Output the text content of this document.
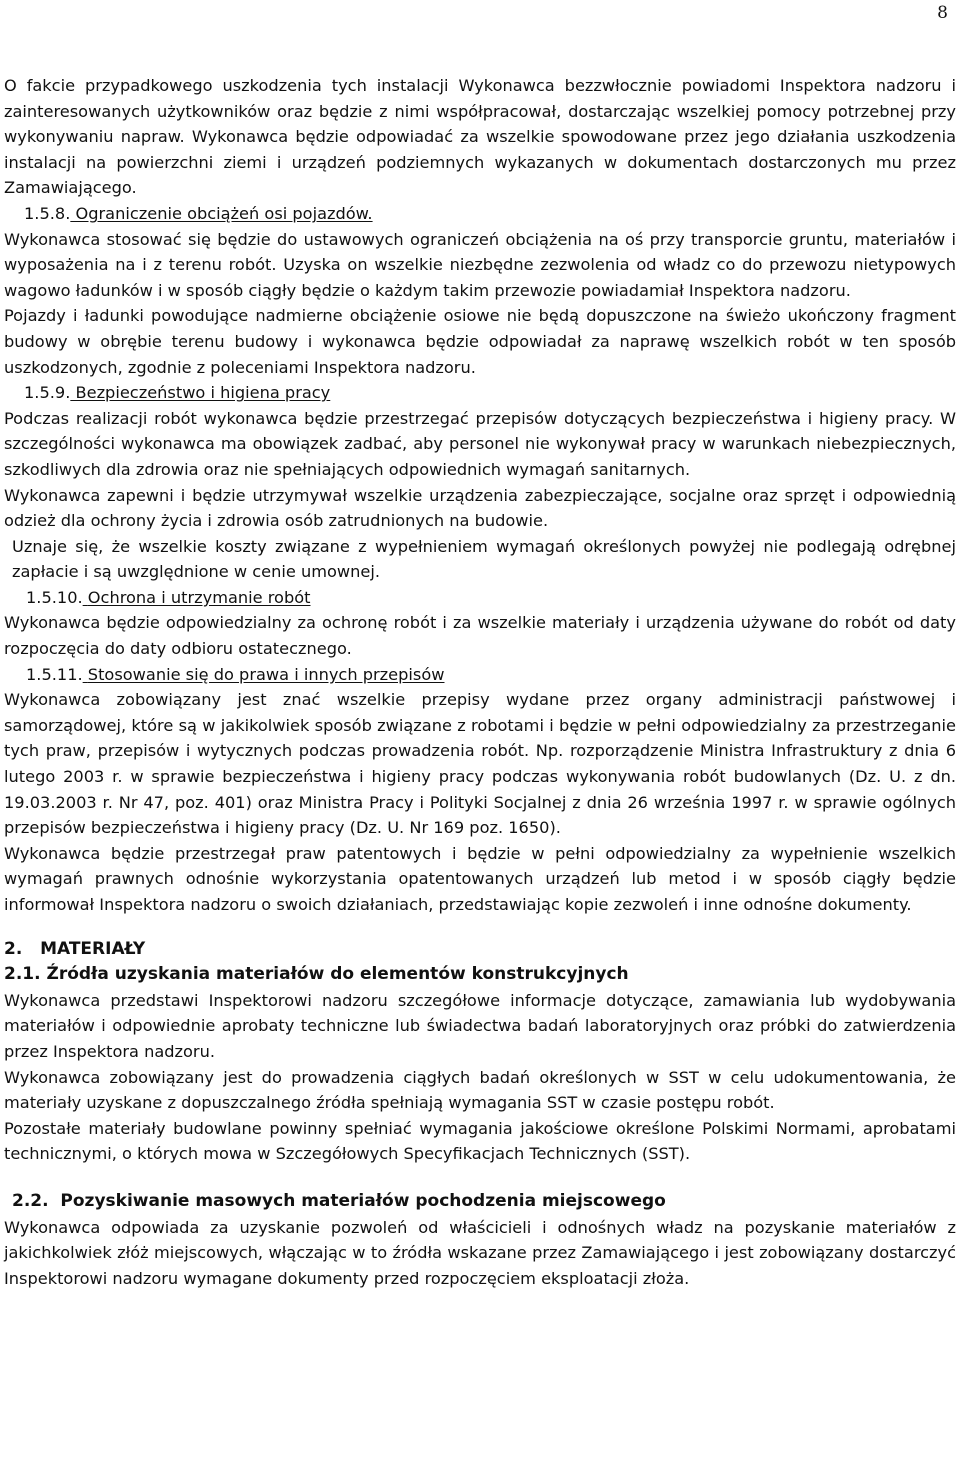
8

O fakcie przypadkowego uszkodzenia tych instalacji Wykonawca bezzwłocznie powiadomi Inspektora nadzoru i zainteresowanych użytkowników oraz będzie z nimi współpracował, dostarczając wszelkiej pomocy potrzebnej przy wykonywaniu napraw. Wykonawca będzie odpowiadać za wszelkie spowodowane przez jego działania uszkodzenia instalacji na powierzchni ziemi i urządzeń podziemnych wykazanych w dokumentach dostarczonych mu przez Zamawiającego.

1.5.8. Ograniczenie obciążeń osi pojazdów.

Wykonawca stosować się będzie do ustawowych ograniczeń obciążenia na oś przy transporcie gruntu, materiałów i wyposażenia na i z terenu robót. Uzyska on wszelkie niezbędne zezwolenia od władz co do przewozu nietypowych wagowo ładunków i w sposób ciągły będzie o każdym takim przewozie powiadamiał Inspektora nadzoru.

Pojazdy i ładunki powodujące nadmierne obciążenie osiowe nie będą dopuszczone na świeżo ukończony fragment budowy w obrębie terenu budowy i wykonawca będzie odpowiadał za naprawę wszelkich robót w ten sposób uszkodzonych, zgodnie z poleceniami Inspektora nadzoru.

1.5.9. Bezpieczeństwo i higiena pracy

Podczas realizacji robót wykonawca będzie przestrzegać przepisów dotyczących bezpieczeństwa i higieny pracy. W szczególności wykonawca ma obowiązek zadbać, aby personel nie wykonywał pracy w warunkach niebezpiecznych, szkodliwych dla zdrowia oraz nie spełniających odpowiednich wymagań sanitarnych.

Wykonawca zapewni i będzie utrzymywał wszelkie urządzenia zabezpieczające, socjalne oraz sprzęt i odpowiednią odzież dla ochrony życia i zdrowia osób zatrudnionych na budowie.

Uznaje się, że wszelkie koszty związane z wypełnieniem wymagań określonych powyżej nie podlegają odrębnej zapłacie i są uwzględnione w cenie umownej.

1.5.10. Ochrona i utrzymanie robót

Wykonawca będzie odpowiedzialny za ochronę robót i za wszelkie materiały i urządzenia używane do robót od daty rozpoczęcia do daty odbioru ostatecznego.

1.5.11. Stosowanie się do prawa i innych przepisów

Wykonawca zobowiązany jest znać wszelkie przepisy wydane przez organy administracji państwowej i samorządowej, które są w jakikolwiek sposób związane z robotami i będzie w pełni odpowiedzialny za przestrzeganie tych praw, przepisów i wytycznych podczas prowadzenia robót. Np. rozporządzenie Ministra Infrastruktury z dnia 6 lutego 2003 r. w sprawie bezpieczeństwa i higieny pracy podczas wykonywania robót budowlanych (Dz. U. z dn. 19.03.2003 r. Nr 47, poz. 401) oraz Ministra Pracy i Polityki Socjalnej z dnia 26 września 1997 r. w sprawie ogólnych przepisów bezpieczeństwa i higieny pracy (Dz. U. Nr 169 poz. 1650).

Wykonawca będzie przestrzegał praw patentowych i będzie w pełni odpowiedzialny za wypełnienie wszelkich wymagań prawnych odnośnie wykorzystania opatentowanych urządzeń lub metod i w sposób ciągły będzie informował Inspektora nadzoru o swoich działaniach, przedstawiając kopie zezwoleń i inne odnośne dokumenty.

2. MATERIAŁY

2.1. Źródła uzyskania materiałów do elementów konstrukcyjnych

Wykonawca przedstawi Inspektorowi nadzoru szczegółowe informacje dotyczące, zamawiania lub wydobywania materiałów i odpowiednie aprobaty techniczne lub świadectwa badań laboratoryjnych oraz próbki do zatwierdzenia przez Inspektora nadzoru.

Wykonawca zobowiązany jest do prowadzenia ciągłych badań określonych w SST w celu udokumentowania, że materiały uzyskane z dopuszczalnego źródła spełniają wymagania SST w czasie postępu robót.

Pozostałe materiały budowlane powinny spełniać wymagania jakościowe określone Polskimi Normami, aprobatami technicznymi, o których mowa w Szczegółowych Specyfikacjach Technicznych (SST).

2.2. Pozyskiwanie masowych materiałów pochodzenia miejscowego

Wykonawca odpowiada za uzyskanie pozwoleń od właścicieli i odnośnych władz na pozyskanie materiałów z jakichkolwiek złóż miejscowych, włączając w to źródła wskazane przez Zamawiającego i jest zobowiązany dostarczyć Inspektorowi nadzoru wymagane dokumenty przed rozpoczęciem eksploatacji złoża.
